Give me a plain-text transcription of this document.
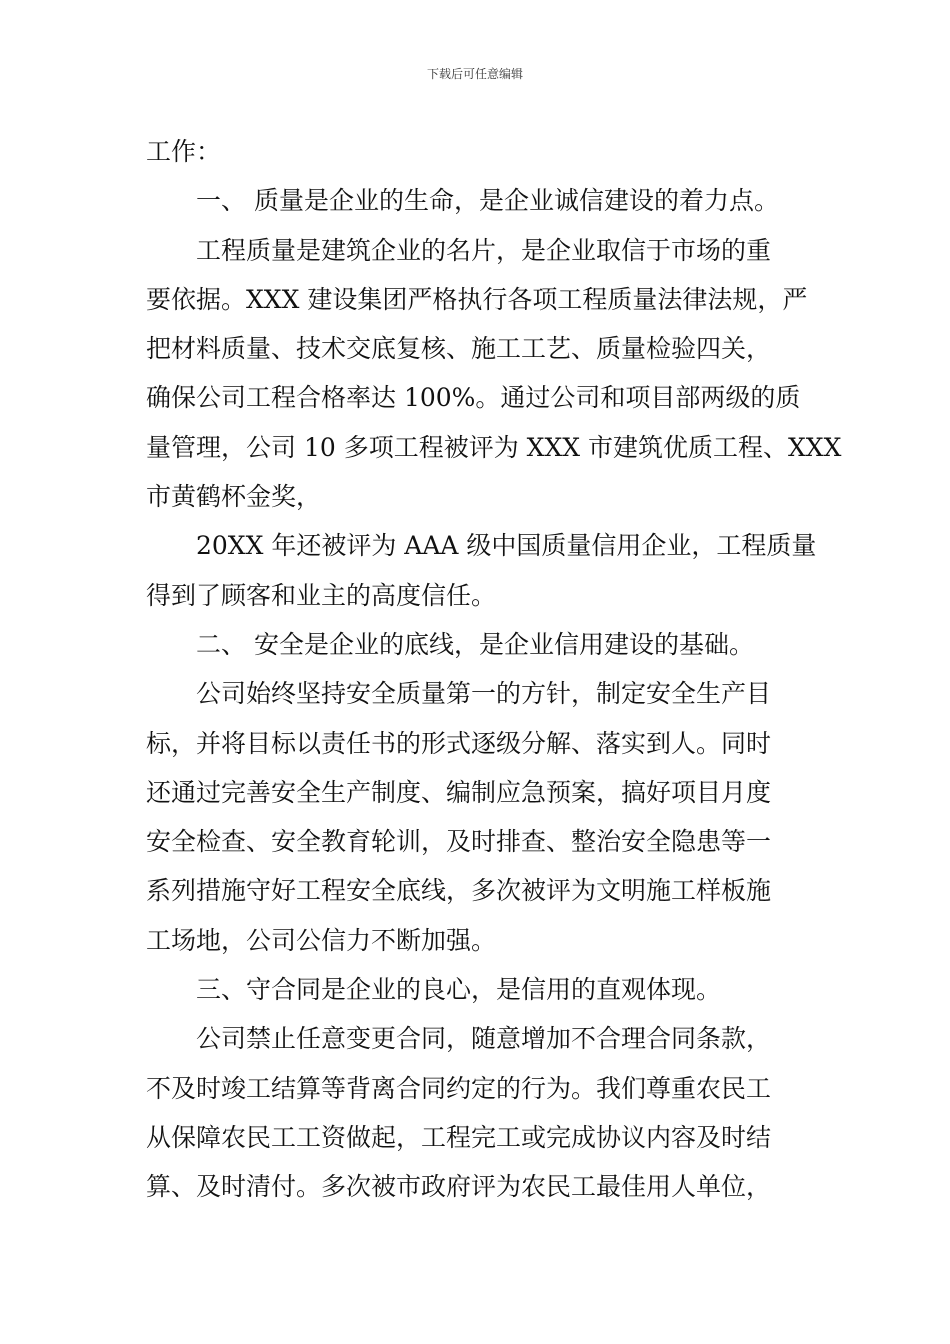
下载后可任意编辑
工作：
一、 质量是企业的生命，是企业诚信建设的着力点。
工程质量是建筑企业的名片，是企业取信于市场的重
要依据。XXX 建设集团严格执行各项工程质量法律法规，严
把材料质量、技术交底复核、施工工艺、质量检验四关，
确保公司工程合格率达 100%。通过公司和项目部两级的质
量管理，公司 10 多项工程被评为 XXX 市建筑优质工程、XXX
市黄鹤杯金奖，
20XX 年还被评为 AAA 级中国质量信用企业，工程质量
得到了顾客和业主的高度信任。
二、 安全是企业的底线，是企业信用建设的基础。
公司始终坚持安全质量第一的方针，制定安全生产目
标，并将目标以责任书的形式逐级分解、落实到人。同时
还通过完善安全生产制度、编制应急预案，搞好项目月度
安全检查、安全教育轮训，及时排查、整治安全隐患等一
系列措施守好工程安全底线，多次被评为文明施工样板施
工场地，公司公信力不断加强。
三、守合同是企业的良心，是信用的直观体现。
公司禁止任意变更合同，随意增加不合理合同条款，
不及时竣工结算等背离合同约定的行为。我们尊重农民工
从保障农民工工资做起，工程完工或完成协议内容及时结
算、及时清付。多次被市政府评为农民工最佳用人单位，
